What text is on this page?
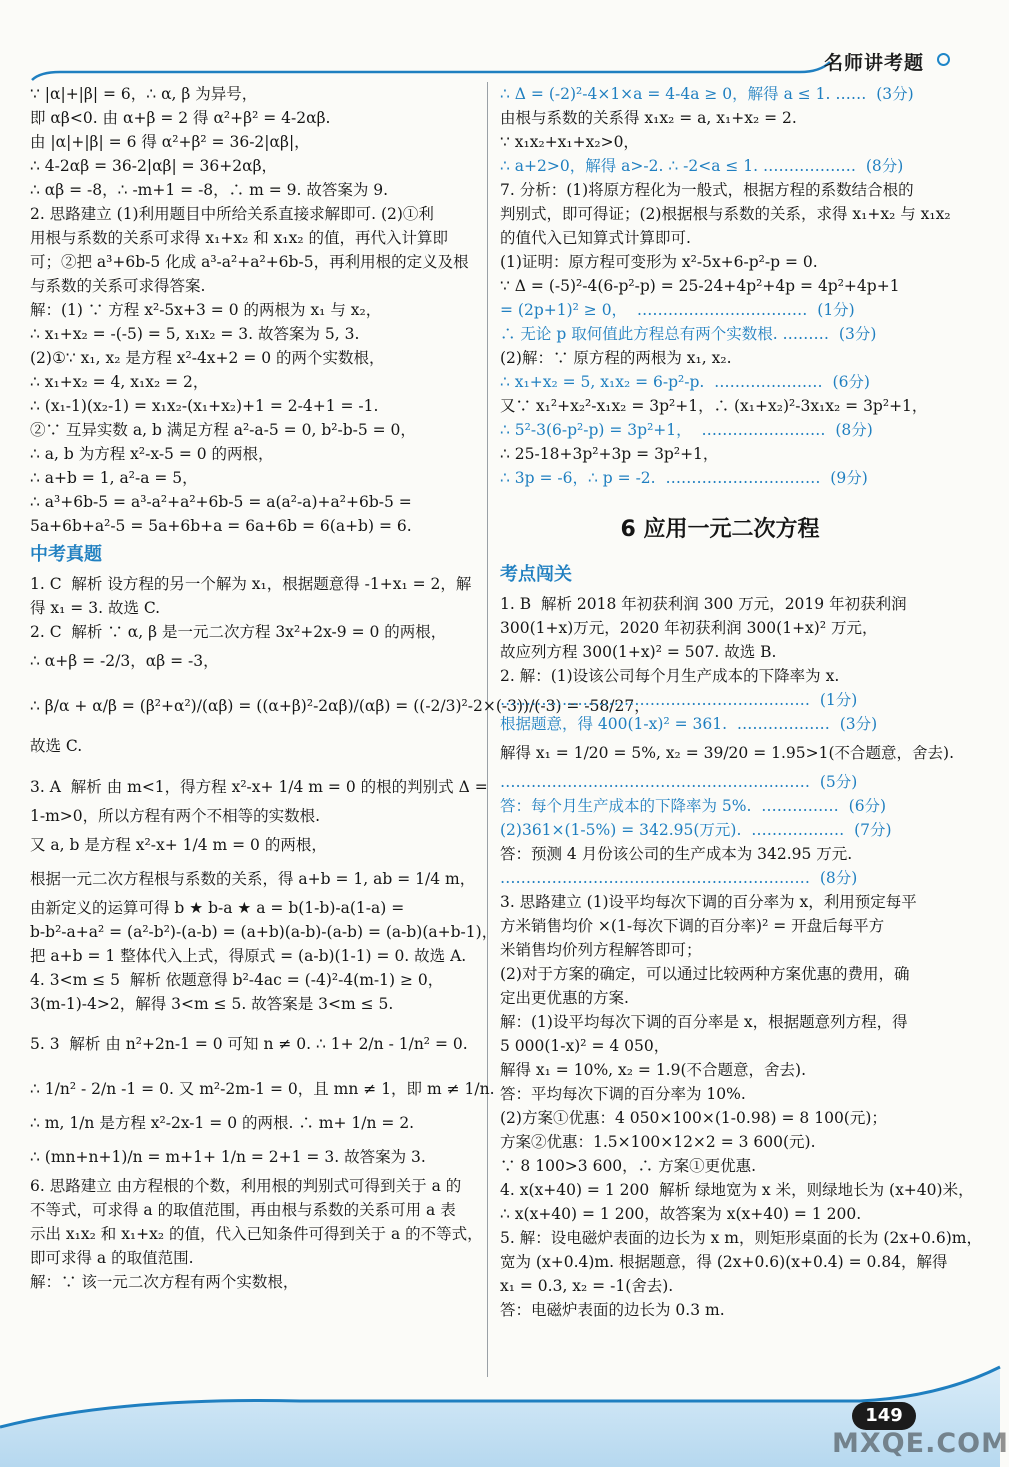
名师讲考题
∵ |α|+|β| = 6，∴ α, β 为异号，
即 αβ<0. 由 α+β = 2 得 α²+β² = 4-2αβ.
由 |α|+|β| = 6 得 α²+β² = 36-2|αβ|，
∴ 4-2αβ = 36-2|αβ| = 36+2αβ，
∴ αβ = -8，∴ -m+1 = -8，∴ m = 9. 故答案为 9.
2. 思路建立 (1)利用题目中所给关系直接求解即可. (2)①利
用根与系数的关系可求得 x₁+x₂ 和 x₁x₂ 的值，再代入计算即
可；②把 a³+6b-5 化成 a³-a²+a²+6b-5，再利用根的定义及根
与系数的关系可求得答案.
解：(1) ∵ 方程 x²-5x+3 = 0 的两根为 x₁ 与 x₂，
∴ x₁+x₂ = -(-5) = 5, x₁x₂ = 3. 故答案为 5, 3.
(2)①∵ x₁, x₂ 是方程 x²-4x+2 = 0 的两个实数根，
∴ x₁+x₂ = 4, x₁x₂ = 2，
∴ (x₁-1)(x₂-1) = x₁x₂-(x₁+x₂)+1 = 2-4+1 = -1.
②∵ 互异实数 a, b 满足方程 a²-a-5 = 0, b²-b-5 = 0，
∴ a, b 为方程 x²-x-5 = 0 的两根，
∴ a+b = 1, a²-a = 5，
∴ a³+6b-5 = a³-a²+a²+6b-5 = a(a²-a)+a²+6b-5 =
5a+6b+a²-5 = 5a+6b+a = 6a+6b = 6(a+b) = 6.
中考真题
1. C  解析 设方程的另一个解为 x₁，根据题意得 -1+x₁ = 2，解
得 x₁ = 3. 故选 C.
2. C  解析 ∵ α, β 是一元二次方程 3x²+2x-9 = 0 的两根，
∴ α+β = -2/3，αβ = -3，
∴ β/α + α/β = (β²+α²)/(αβ) = ((α+β)²-2αβ)/(αβ) = ((-2/3)²-2×(-3))/(-3) = -58/27，
故选 C.
3. A  解析 由 m<1，得方程 x²-x+ 1/4 m = 0 的根的判别式 Δ =
1-m>0，所以方程有两个不相等的实数根.
又 a, b 是方程 x²-x+ 1/4 m = 0 的两根，
根据一元二次方程根与系数的关系，得 a+b = 1, ab = 1/4 m，
由新定义的运算可得 b ★ b-a ★ a = b(1-b)-a(1-a) =
b-b²-a+a² = (a²-b²)-(a-b) = (a+b)(a-b)-(a-b) = (a-b)(a+b-1)，
把 a+b = 1 整体代入上式，得原式 = (a-b)(1-1) = 0. 故选 A.
4. 3<m ≤ 5  解析 依题意得 b²-4ac = (-4)²-4(m-1) ≥ 0，
3(m-1)-4>2，解得 3<m ≤ 5. 故答案是 3<m ≤ 5.
5. 3  解析 由 n²+2n-1 = 0 可知 n ≠ 0. ∴ 1+ 2/n - 1/n² = 0.
∴ 1/n² - 2/n -1 = 0. 又 m²-2m-1 = 0，且 mn ≠ 1，即 m ≠ 1/n.
∴ m, 1/n 是方程 x²-2x-1 = 0 的两根. ∴ m+ 1/n = 2.
∴ (mn+n+1)/n = m+1+ 1/n = 2+1 = 3. 故答案为 3.
6. 思路建立 由方程根的个数，利用根的判别式可得到关于 a 的
不等式，可求得 a 的取值范围，再由根与系数的关系可用 a 表
示出 x₁x₂ 和 x₁+x₂ 的值，代入已知条件可得到关于 a 的不等式，
即可求得 a 的取值范围.
解：∵ 该一元二次方程有两个实数根，
∴ Δ = (-2)²-4×1×a = 4-4a ≥ 0，解得 a ≤ 1. ……  (3分)
由根与系数的关系得 x₁x₂ = a, x₁+x₂ = 2.
∵ x₁x₂+x₁+x₂>0，
∴ a+2>0，解得 a>-2. ∴ -2<a ≤ 1. ………………  (8分)
7. 分析：(1)将原方程化为一般式，根据方程的系数结合根的
判别式，即可得证；(2)根据根与系数的关系，求得 x₁+x₂ 与 x₁x₂
的值代入已知算式计算即可.
(1)证明：原方程可变形为 x²-5x+6-p²-p = 0.
∵ Δ = (-5)²-4(6-p²-p) = 25-24+4p²+4p = 4p²+4p+1
= (2p+1)² ≥ 0，  ……………………………  (1分)
∴ 无论 p 取何值此方程总有两个实数根. ………  (3分)
(2)解：∵ 原方程的两根为 x₁, x₂.
∴ x₁+x₂ = 5, x₁x₂ = 6-p²-p.  …………………  (6分)
又∵ x₁²+x₂²-x₁x₂ = 3p²+1，∴ (x₁+x₂)²-3x₁x₂ = 3p²+1，
∴ 5²-3(6-p²-p) = 3p²+1，  ……………………  (8分)
∴ 25-18+3p²+3p = 3p²+1，
∴ 3p = -6，∴ p = -2.  …………………………  (9分)
6 应用一元二次方程
考点闯关
1. B  解析 2018 年初获利润 300 万元，2019 年初获利润
300(1+x)万元，2020 年初获利润 300(1+x)² 万元，
故应列方程 300(1+x)² = 507. 故选 B.
2. 解：(1)设该公司每个月生产成本的下降率为 x.
……………………………………………………  (1分)
根据题意，得 400(1-x)² = 361.  ………………  (3分)
解得 x₁ = 1/20 = 5%, x₂ = 39/20 = 1.95>1(不合题意，舍去).
……………………………………………………  (5分)
答：每个月生产成本的下降率为 5%.  ……………  (6分)
(2)361×(1-5%) = 342.95(万元).  ………………  (7分)
答：预测 4 月份该公司的生产成本为 342.95 万元.
……………………………………………………  (8分)
3. 思路建立 (1)设平均每次下调的百分率为 x，利用预定每平
方米销售均价 ×(1-每次下调的百分率)² = 开盘后每平方
米销售均价列方程解答即可；
(2)对于方案的确定，可以通过比较两种方案优惠的费用，确
定出更优惠的方案.
解：(1)设平均每次下调的百分率是 x，根据题意列方程，得
5 000(1-x)² = 4 050，
解得 x₁ = 10%, x₂ = 1.9(不合题意，舍去).
答：平均每次下调的百分率为 10%.
(2)方案①优惠：4 050×100×(1-0.98) = 8 100(元)；
方案②优惠：1.5×100×12×2 = 3 600(元).
∵ 8 100>3 600，∴ 方案①更优惠.
4. x(x+40) = 1 200  解析 绿地宽为 x 米，则绿地长为 (x+40)米，
∴ x(x+40) = 1 200，故答案为 x(x+40) = 1 200.
5. 解：设电磁炉表面的边长为 x m，则矩形桌面的长为 (2x+0.6)m，
宽为 (x+0.4)m. 根据题意，得 (2x+0.6)(x+0.4) = 0.84，解得
x₁ = 0.3, x₂ = -1(舍去).
答：电磁炉表面的边长为 0.3 m.
149
MXQE.COM
